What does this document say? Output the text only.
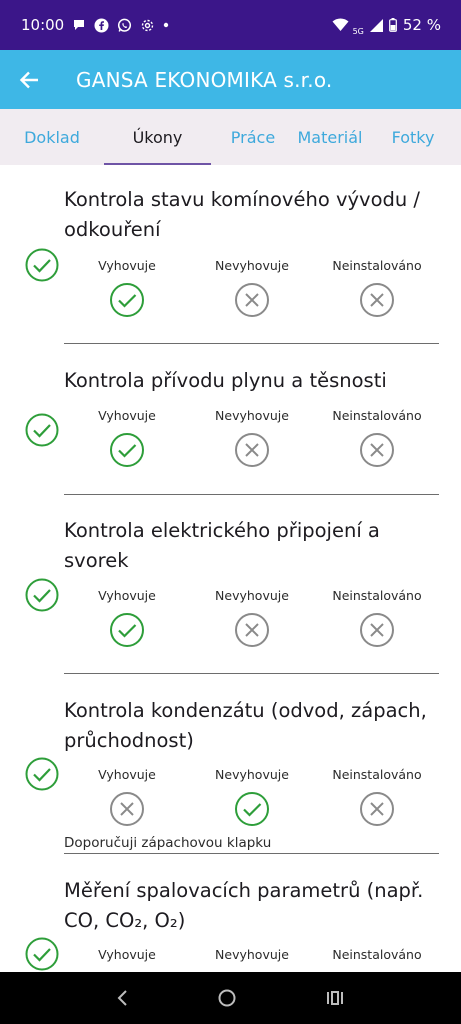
10:00	5G	52 %
GANSA EKONOMIKA s.r.o.
Doklad	Úkony	Práce	Materiál	Fotky
Kontrola stavu komínového vývodu / odkouření
Vyhovuje	Nevyhovuje	Neinstalováno
Kontrola přívodu plynu a těsnosti
Vyhovuje	Nevyhovuje	Neinstalováno
Kontrola elektrického připojení a svorek
Vyhovuje	Nevyhovuje	Neinstalováno
Kontrola kondenzátu (odvod, zápach, průchodnost)
Vyhovuje	Nevyhovuje	Neinstalováno
Doporučuji zápachovou klapku
Měření spalovacích parametrů (např. CO, CO₂, O₂)
Vyhovuje	Nevyhovuje	Neinstalováno
